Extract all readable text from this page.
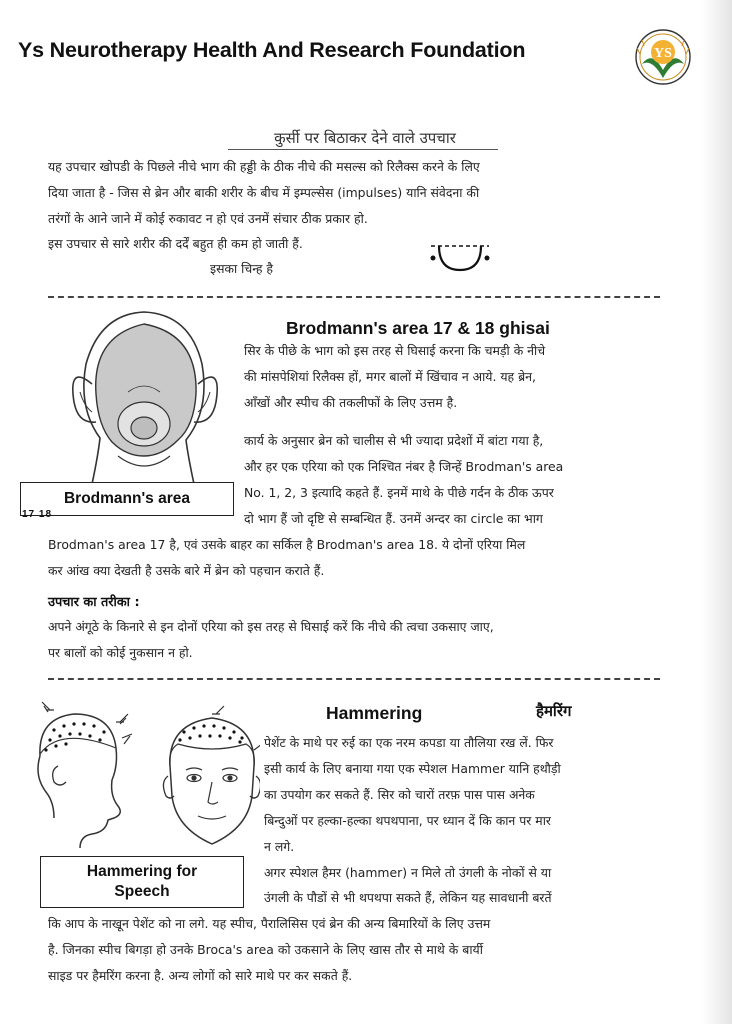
Ys Neurotherapy Health And Research Foundation	YS
कुर्सी पर बिठाकर देने वाले उपचार
यह उपचार खोपडी के पिछले नीचे भाग की हड्डी के ठीक नीचे की मसल्स को रिलैक्स करने के लिए
दिया जाता है - जिस से ब्रेन और बाकी शरीर के बीच में इम्पल्सेस (impulses) यानि संवेदना की
तरंगों के आने जाने में कोई रुकावट न हो एवं उनमें संचार ठीक प्रकार हो.
इस उपचार से सारे शरीर की दर्दें बहुत ही कम हो जाती हैं.
इसका चिन्ह है
Brodmann's area
17 18
Brodmann's area 17 & 18 ghisai
सिर के पीछे के भाग को इस तरह से घिसाई करना कि चमड़ी के नीचे
की मांसपेशियां रिलैक्स हों, मगर बालों में खिंचाव न आये. यह ब्रेन,
आँखों और स्पीच की तकलीफों के लिए उत्तम है.
कार्य के अनुसार ब्रेन को चालीस से भी ज्यादा प्रदेशों में बांटा गया है,
और हर एक एरिया को एक निश्चित नंबर है जिन्हें Brodman's area
No. 1, 2, 3 इत्यादि कहते हैं. इनमें माथे के पीछे गर्दन के ठीक ऊपर
दो भाग हैं जो दृष्टि से सम्बन्धित हैं. उनमें अन्दर का circle का भाग
Brodman's area 17 है, एवं उसके बाहर का सर्किल है Brodman's area 18. ये दोनों एरिया मिल
कर आंख क्या देखती है उसके बारे में ब्रेन को पहचान कराते हैं.
उपचार का तरीका :
अपने अंगूठे के किनारे से इन दोनों एरिया को इस तरह से घिसाई करें कि नीचे की त्वचा उकसाए जाए,
पर बालों को कोई नुकसान न हो.
Hammering for
Speech
Hammering	हैमरिंग
पेशेंट के माथे पर रुई का एक नरम कपडा या तौलिया रख लें. फिर
इसी कार्य के लिए बनाया गया एक स्पेशल Hammer यानि हथौड़ी
का उपयोग कर सकते हैं. सिर को चारों तरफ़ पास पास अनेक
बिन्दुओं पर हल्का-हल्का थपथपाना, पर ध्यान दें कि कान पर मार
न लगे.
अगर स्पेशल हैमर (hammer) न मिले तो उंगली के नोकों से या
उंगली के पौडों से भी थपथपा सकते हैं, लेकिन यह सावधानी बरतें
कि आप के नाखून पेशेंट को ना लगे. यह स्पीच, पैरालिसिस एवं ब्रेन की अन्य बिमारियों के लिए उत्तम
है. जिनका स्पीच बिगड़ा हो उनके Broca's area को उकसाने के लिए खास तौर से माथे के बार्यी
साइड पर हैमरिंग करना है. अन्य लोगों को सारे माथे पर कर सकते हैं.
